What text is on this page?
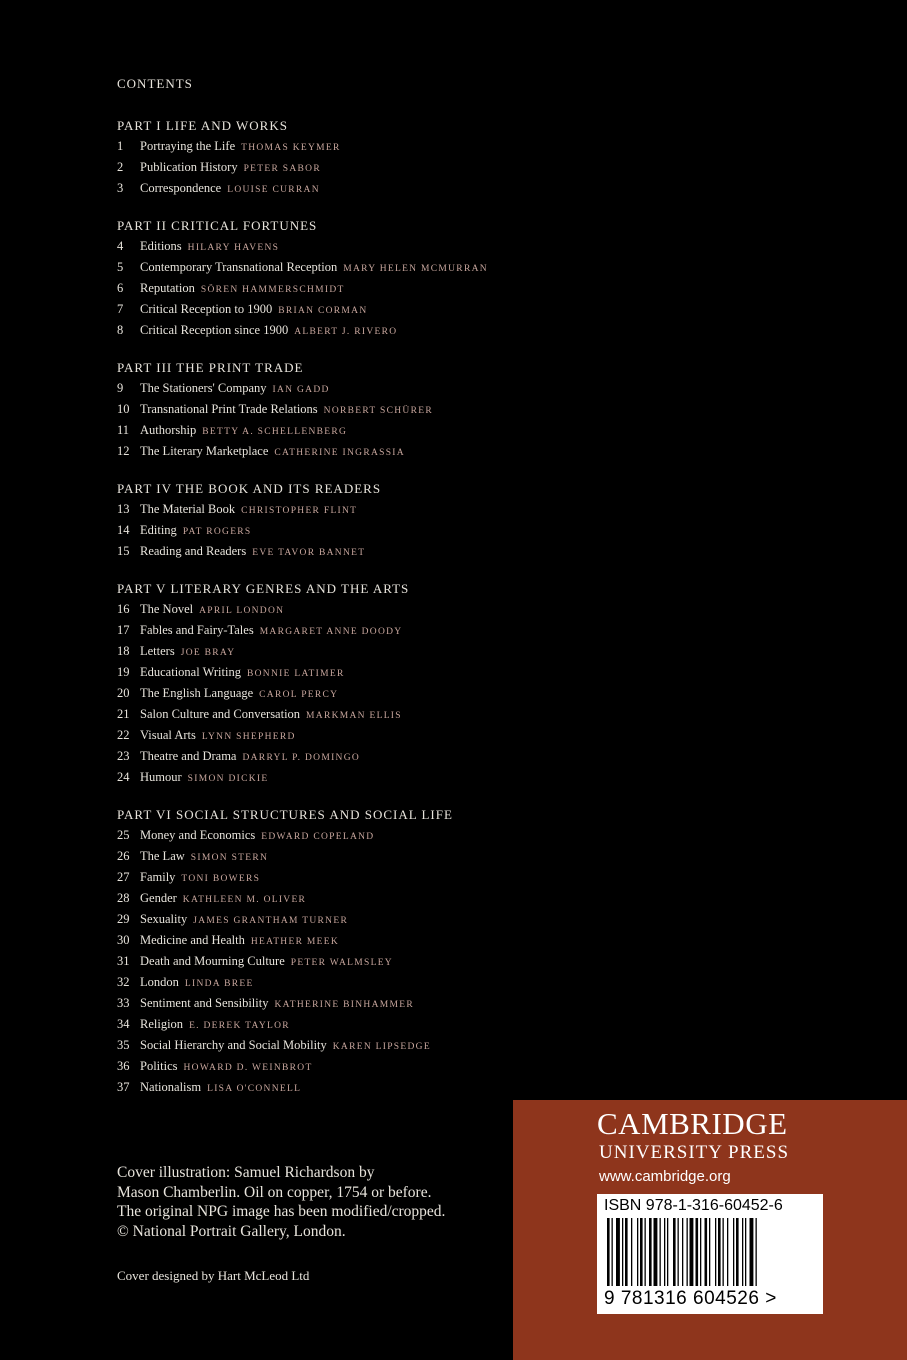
CONTENTS
PART I LIFE AND WORKS
1 Portraying the Life THOMAS KEYMER
2 Publication History PETER SABOR
3 Correspondence LOUISE CURRAN
PART II CRITICAL FORTUNES
4 Editions HILARY HAVENS
5 Contemporary Transnational Reception MARY HELEN MCMURRAN
6 Reputation SÖREN HAMMERSCHMIDT
7 Critical Reception to 1900 BRIAN CORMAN
8 Critical Reception since 1900 ALBERT J. RIVERO
PART III THE PRINT TRADE
9 The Stationers' Company IAN GADD
10 Transnational Print Trade Relations NORBERT SCHÜRER
11 Authorship BETTY A. SCHELLENBERG
12 The Literary Marketplace CATHERINE INGRASSIA
PART IV THE BOOK AND ITS READERS
13 The Material Book CHRISTOPHER FLINT
14 Editing PAT ROGERS
15 Reading and Readers EVE TAVOR BANNET
PART V LITERARY GENRES AND THE ARTS
16 The Novel APRIL LONDON
17 Fables and Fairy-Tales MARGARET ANNE DOODY
18 Letters JOE BRAY
19 Educational Writing BONNIE LATIMER
20 The English Language CAROL PERCY
21 Salon Culture and Conversation MARKMAN ELLIS
22 Visual Arts LYNN SHEPHERD
23 Theatre and Drama DARRYL P. DOMINGO
24 Humour SIMON DICKIE
PART VI SOCIAL STRUCTURES AND SOCIAL LIFE
25 Money and Economics EDWARD COPELAND
26 The Law SIMON STERN
27 Family TONI BOWERS
28 Gender KATHLEEN M. OLIVER
29 Sexuality JAMES GRANTHAM TURNER
30 Medicine and Health HEATHER MEEK
31 Death and Mourning Culture PETER WALMSLEY
32 London LINDA BREE
33 Sentiment and Sensibility KATHERINE BINHAMMER
34 Religion E. DEREK TAYLOR
35 Social Hierarchy and Social Mobility KAREN LIPSEDGE
36 Politics HOWARD D. WEINBROT
37 Nationalism LISA O'CONNELL

Cover illustration: Samuel Richardson by

Mason Chamberlin. Oil on copper, 1754 or before.

The original NPG image has been modified/cropped.

© National Portrait Gallery, London.

Cover designed by Hart McLeod Ltd
CAMBRIDGE
UNIVERSITY PRESS
www.cambridge.org
ISBN 978-1-316-60452-6
9 781316 604526 >
